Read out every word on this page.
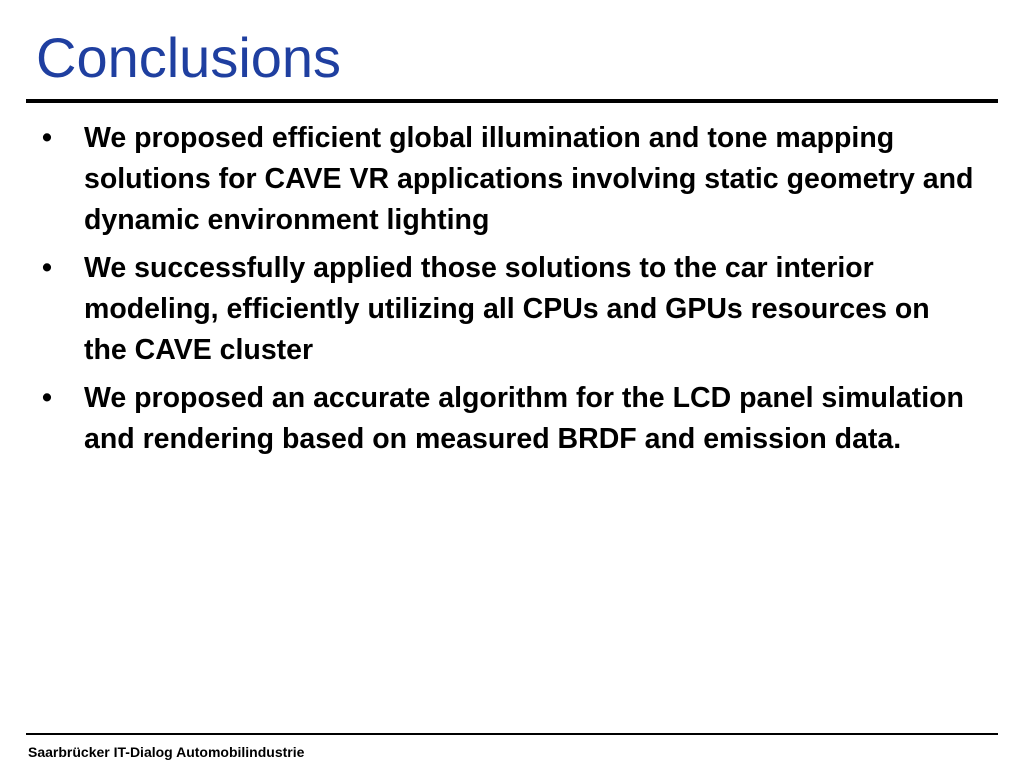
Conclusions
• We proposed efficient global illumination and tone mapping solutions for CAVE VR applications involving static geometry and dynamic environment lighting
• We successfully applied those solutions to the car interior modeling, efficiently utilizing all CPUs and GPUs resources on the CAVE cluster
• We proposed an accurate algorithm for the LCD panel simulation and rendering based on measured BRDF and emission data.
Saarbrücker IT-Dialog Automobilindustrie
